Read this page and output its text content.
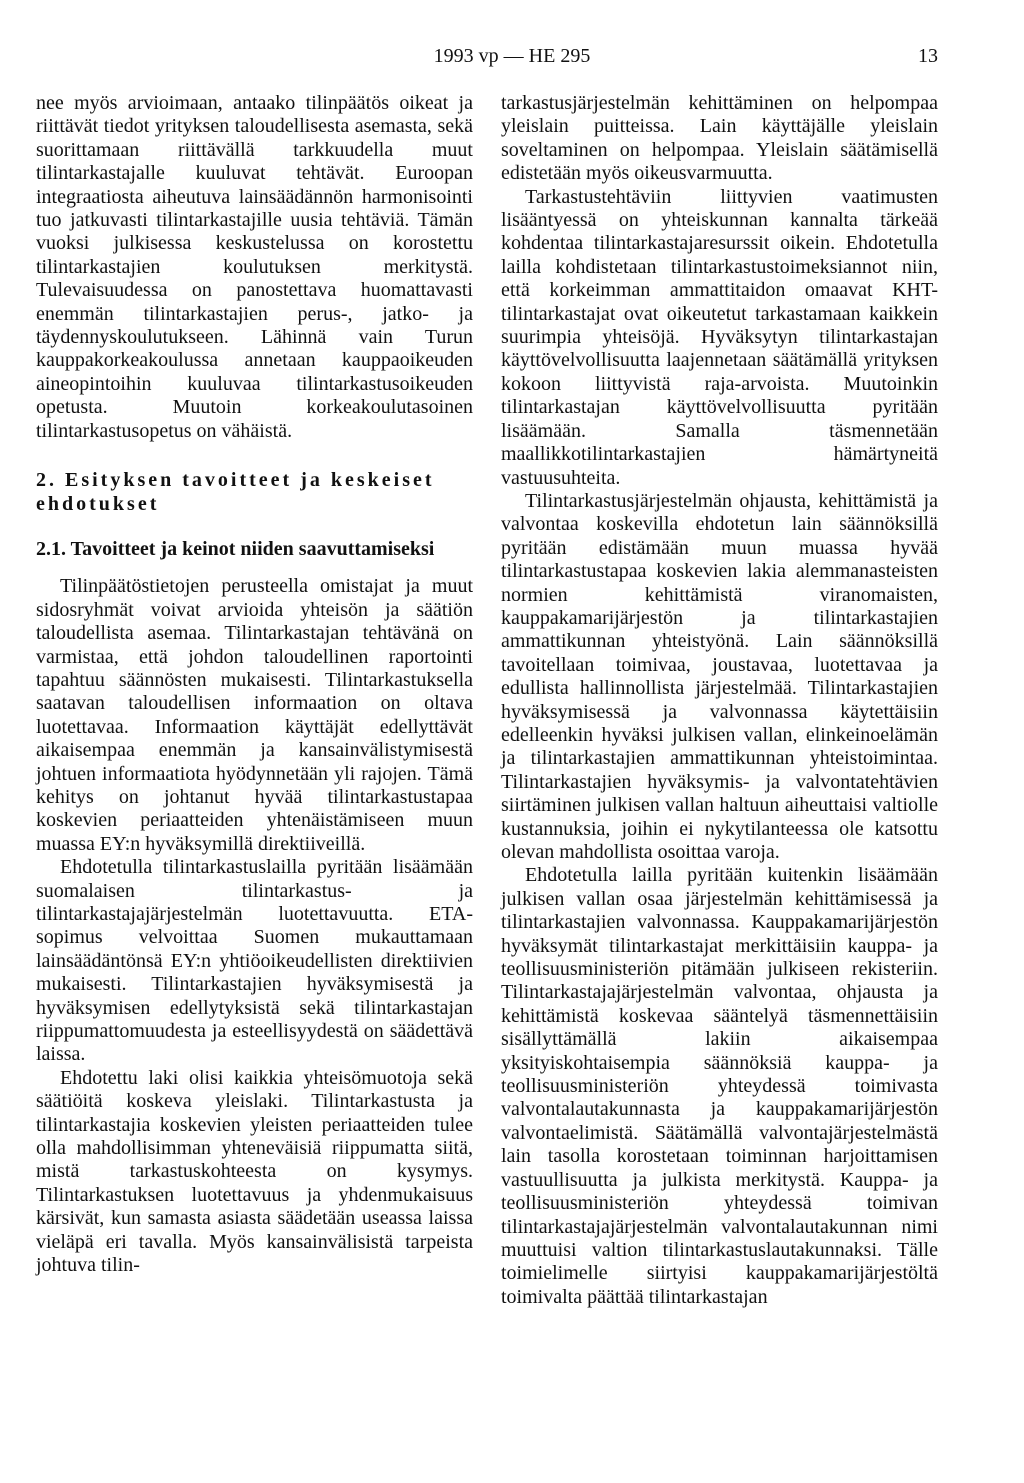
1993 vp — HE 295	13

nee myös arvioimaan, antaako tilinpäätös oikeat ja riittävät tiedot yrityksen taloudellisesta asemasta, sekä suorittamaan riittävällä tarkkuudella muut tilintarkastajalle kuuluvat tehtävät. Euroopan integraatiosta aiheutuva lainsäädännön harmonisointi tuo jatkuvasti tilintarkastajille uusia tehtäviä. Tämän vuoksi julkisessa keskustelussa on korostettu tilintarkastajien koulutuksen merkitystä. Tulevaisuudessa on panostettava huomattavasti enemmän tilintarkastajien perus-, jatko- ja täydennyskoulutukseen. Lähinnä vain Turun kauppakorkeakoulussa annetaan kauppaoikeuden aineopintoihin kuuluvaa tilintarkastusoikeuden opetusta. Muutoin korkeakoulutasoinen tilintarkastusopetus on vähäistä.

2. Esityksen tavoitteet ja keskeiset ehdotukset

2.1. Tavoitteet ja keinot niiden saavuttamiseksi

Tilinpäätöstietojen perusteella omistajat ja muut sidosryhmät voivat arvioida yhteisön ja säätiön taloudellista asemaa. Tilintarkastajan tehtävänä on varmistaa, että johdon taloudellinen raportointi tapahtuu säännösten mukaisesti. Tilintarkastuksella saatavan taloudellisen informaation on oltava luotettavaa. Informaation käyttäjät edellyttävät aikaisempaa enemmän ja kansainvälistymisestä johtuen informaatiota hyödynnetään yli rajojen. Tämä kehitys on johtanut hyvää tilintarkastustapaa koskevien periaatteiden yhtenäistämiseen muun muassa EY:n hyväksymillä direktiiveillä.

Ehdotetulla tilintarkastuslailla pyritään lisäämään suomalaisen tilintarkastus- ja tilintarkastajajärjestelmän luotettavuutta. ETA-sopimus velvoittaa Suomen mukauttamaan lainsäädäntönsä EY:n yhtiöoikeudellisten direktiivien mukaisesti. Tilintarkastajien hyväksymisestä ja hyväksymisen edellytyksistä sekä tilintarkastajan riippumattomuudesta ja esteellisyydestä on säädettävä laissa.

Ehdotettu laki olisi kaikkia yhteisömuotoja sekä säätiöitä koskeva yleislaki. Tilintarkastusta ja tilintarkastajia koskevien yleisten periaatteiden tulee olla mahdollisimman yhteneväisiä riippumatta siitä, mistä tarkastuskohteesta on kysymys. Tilintarkastuksen luotettavuus ja yhdenmukaisuus kärsivät, kun samasta asiasta säädetään useassa laissa vieläpä eri tavalla. Myös kansainvälisistä tarpeista johtuva tilin-

tarkastusjärjestelmän kehittäminen on helpompaa yleislain puitteissa. Lain käyttäjälle yleislain soveltaminen on helpompaa. Yleislain säätämisellä edistetään myös oikeusvarmuutta.

Tarkastustehtäviin liittyvien vaatimusten lisääntyessä on yhteiskunnan kannalta tärkeää kohdentaa tilintarkastajaresurssit oikein. Ehdotetulla lailla kohdistetaan tilintarkastustoimeksiannot niin, että korkeimman ammattitaidon omaavat KHT-tilintarkastajat ovat oikeutetut tarkastamaan kaikkein suurimpia yhteisöjä. Hyväksytyn tilintarkastajan käyttövelvollisuutta laajennetaan säätämällä yrityksen kokoon liittyvistä raja-arvoista. Muutoinkin tilintarkastajan käyttövelvollisuutta pyritään lisäämään. Samalla täsmennetään maallikkotilintarkastajien hämärtyneitä vastuusuhteita.

Tilintarkastusjärjestelmän ohjausta, kehittämistä ja valvontaa koskevilla ehdotetun lain säännöksillä pyritään edistämään muun muassa hyvää tilintarkastustapaa koskevien lakia alemmanasteisten normien kehittämistä viranomaisten, kauppakamarijärjestön ja tilintarkastajien ammattikunnan yhteistyönä. Lain säännöksillä tavoitellaan toimivaa, joustavaa, luotettavaa ja edullista hallinnollista järjestelmää. Tilintarkastajien hyväksymisessä ja valvonnassa käytettäisiin edelleenkin hyväksi julkisen vallan, elinkeinoelämän ja tilintarkastajien ammattikunnan yhteistoimintaa. Tilintarkastajien hyväksymis- ja valvontatehtävien siirtäminen julkisen vallan haltuun aiheuttaisi valtiolle kustannuksia, joihin ei nykytilanteessa ole katsottu olevan mahdollista osoittaa varoja.

Ehdotetulla lailla pyritään kuitenkin lisäämään julkisen vallan osaa järjestelmän kehittämisessä ja tilintarkastajien valvonnassa. Kauppakamarijärjestön hyväksymät tilintarkastajat merkittäisiin kauppa- ja teollisuusministeriön pitämään julkiseen rekisteriin. Tilintarkastajajärjestelmän valvontaa, ohjausta ja kehittämistä koskevaa sääntelyä täsmennettäisiin sisällyttämällä lakiin aikaisempaa yksityiskohtaisempia säännöksiä kauppa- ja teollisuusministeriön yhteydessä toimivasta valvontalautakunnasta ja kauppakamarijärjestön valvontaelimistä. Säätämällä valvontajärjestelmästä lain tasolla korostetaan toiminnan harjoittamisen vastuullisuutta ja julkista merkitystä. Kauppa- ja teollisuusministeriön yhteydessä toimivan tilintarkastajajärjestelmän valvontalautakunnan nimi muuttuisi valtion tilintarkastuslautakunnaksi. Tälle toimielimelle siirtyisi kauppakamarijärjestöltä toimivalta päättää tilintarkastajan
